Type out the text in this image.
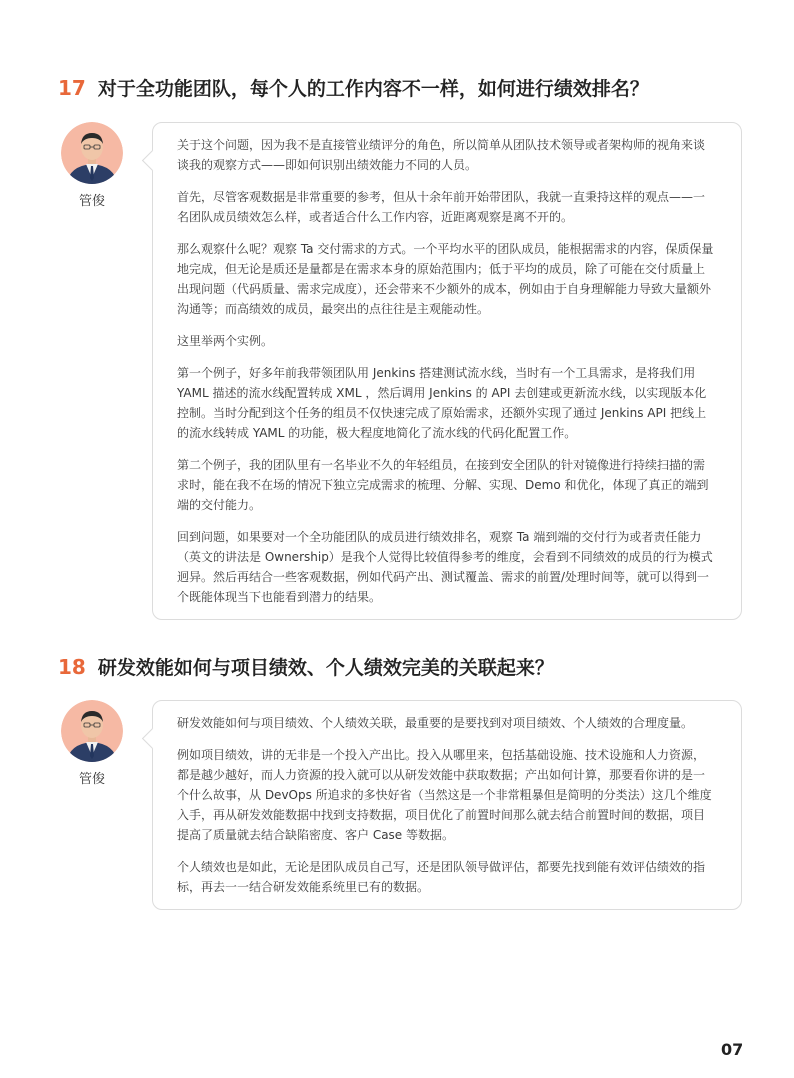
17 对于全功能团队，每个人的工作内容不一样，如何进行绩效排名？
管俊

关于这个问题，因为我不是直接管业绩评分的角色，所以简单从团队技术领导或者架构师的视角来谈谈我的观察方式——即如何识别出绩效能力不同的人员。

首先，尽管客观数据是非常重要的参考，但从十余年前开始带团队，我就一直秉持这样的观点——一名团队成员绩效怎么样，或者适合什么工作内容，近距离观察是离不开的。

那么观察什么呢？观察 Ta 交付需求的方式。一个平均水平的团队成员，能根据需求的内容，保质保量地完成，但无论是质还是量都是在需求本身的原始范围内；低于平均的成员，除了可能在交付质量上出现问题（代码质量、需求完成度），还会带来不少额外的成本，例如由于自身理解能力导致大量额外沟通等；而高绩效的成员，最突出的点往往是主观能动性。

这里举两个实例。

第一个例子，好多年前我带领团队用 Jenkins 搭建测试流水线，当时有一个工具需求，是将我们用 YAML 描述的流水线配置转成 XML ，然后调用 Jenkins 的 API 去创建或更新流水线，以实现版本化控制。当时分配到这个任务的组员不仅快速完成了原始需求，还额外实现了通过 Jenkins API 把线上的流水线转成 YAML 的功能，极大程度地简化了流水线的代码化配置工作。

第二个例子，我的团队里有一名毕业不久的年轻组员，在接到安全团队的针对镜像进行持续扫描的需求时，能在我不在场的情况下独立完成需求的梳理、分解、实现、Demo 和优化，体现了真正的端到端的交付能力。

回到问题，如果要对一个全功能团队的成员进行绩效排名，观察 Ta 端到端的交付行为或者责任能力（英文的讲法是 Ownership）是我个人觉得比较值得参考的维度，会看到不同绩效的成员的行为模式迥异。然后再结合一些客观数据，例如代码产出、测试覆盖、需求的前置/处理时间等，就可以得到一个既能体现当下也能看到潜力的结果。

18 研发效能如何与项目绩效、个人绩效完美的关联起来？
管俊

研发效能如何与项目绩效、个人绩效关联，最重要的是要找到对项目绩效、个人绩效的合理度量。

例如项目绩效，讲的无非是一个投入产出比。投入从哪里来，包括基础设施、技术设施和人力资源，都是越少越好，而人力资源的投入就可以从研发效能中获取数据；产出如何计算，那要看你讲的是一个什么故事，从 DevOps 所追求的多快好省（当然这是一个非常粗暴但是简明的分类法）这几个维度入手，再从研发效能数据中找到支持数据，项目优化了前置时间那么就去结合前置时间的数据，项目提高了质量就去结合缺陷密度、客户 Case 等数据。

个人绩效也是如此，无论是团队成员自己写，还是团队领导做评估，都要先找到能有效评估绩效的指标，再去一一结合研发效能系统里已有的数据。

07
